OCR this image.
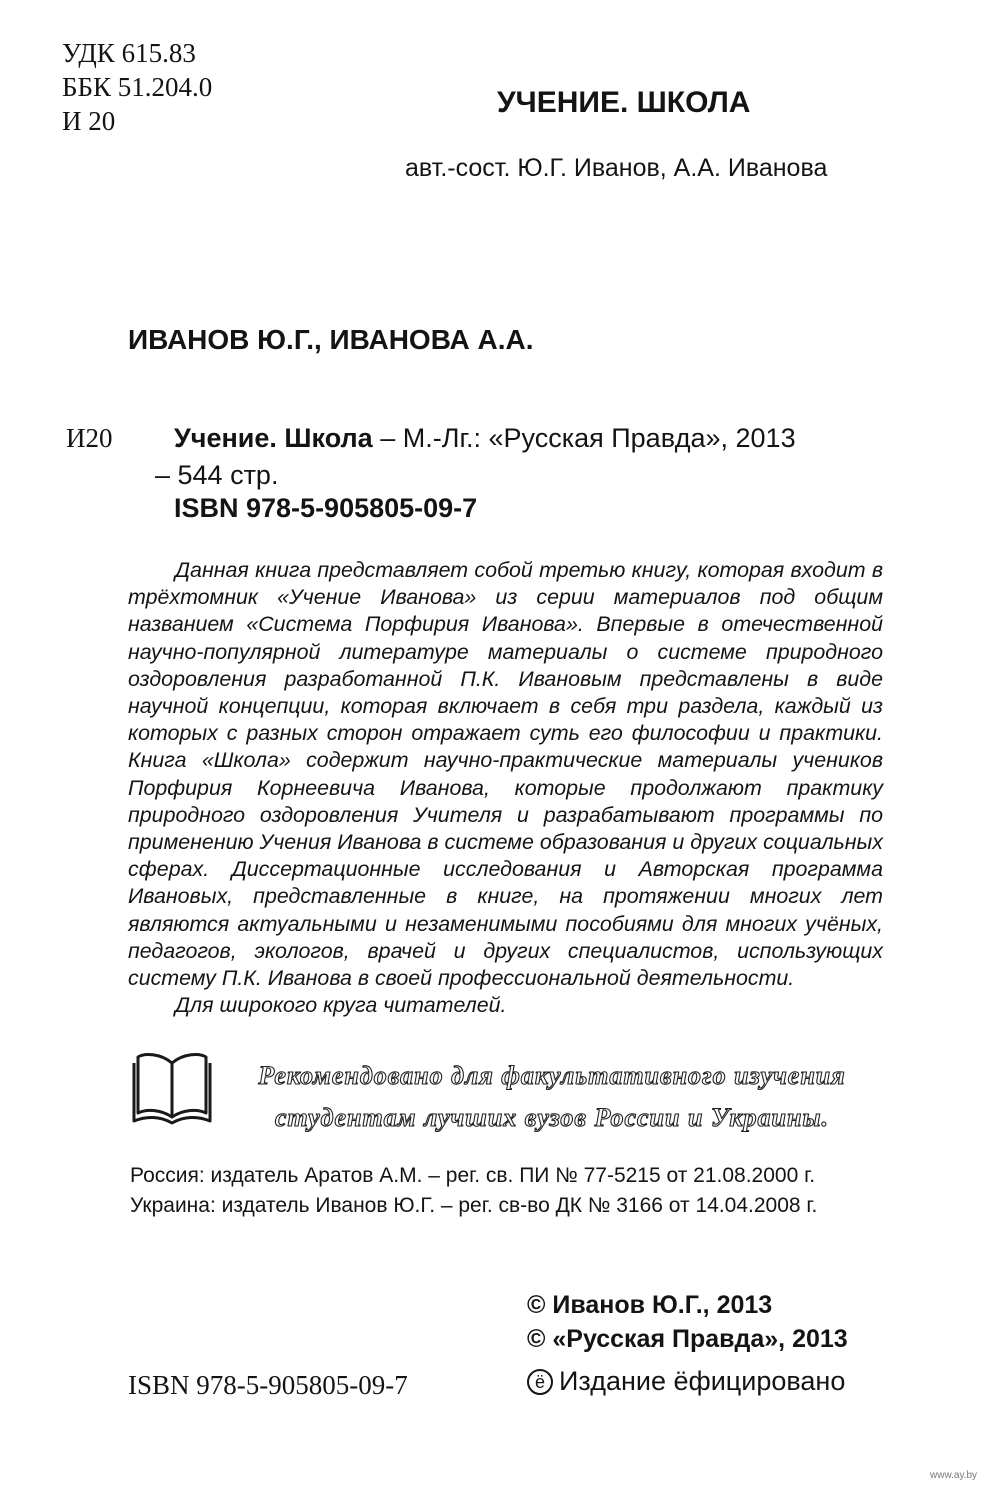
УДК 615.83
ББК 51.204.0
И 20
УЧЕНИЕ. ШКОЛА
авт.-сост. Ю.Г. Иванов, А.А. Иванова
ИВАНОВ Ю.Г., ИВАНОВА А.А.
И20 Учение. Школа – М.-Лг.: «Русская Правда», 2013
– 544 стр.
ISBN 978-5-905805-09-7

Данная книга представляет собой третью книгу, которая входит в трёхтомник «Учение Иванова» из серии материалов под общим названием «Система Порфирия Иванова». Впервые в отечественной научно-популярной литературе материалы о системе природного оздоровления разработанной П.К. Ивановым представлены в виде научной концепции, которая включает в себя три раздела, каждый из которых с разных сторон отражает суть его философии и практики. Книга «Школа» содержит научно-практические материалы учеников Порфирия Корнеевича Иванова, которые продолжают практику природного оздоровления Учителя и разрабатывают программы по применению Учения Иванова в системе образования и других социальных сферах. Диссертационные исследования и Авторская программа Ивановых, представленные в книге, на протяжении многих лет являются актуальными и незаменимыми пособиями для многих учёных, педагогов, экологов, врачей и других специалистов, использующих систему П.К. Иванова в своей профессиональной деятельности.

Для широкого круга читателей.

Рекомендовано для факультативного изучения
студентам лучших вузов России и Украины.
Россия: издатель Аратов А.М. – рег. св. ПИ № 77-5215 от 21.08.2000 г.
Украина: издатель Иванов Ю.Г. – рег. св-во ДК № 3166 от 14.04.2008 г.
© Иванов Ю.Г., 2013
© «Русская Правда», 2013
ISBN 978-5-905805-09-7	ё Издание ёфицировано
www.ay.by
